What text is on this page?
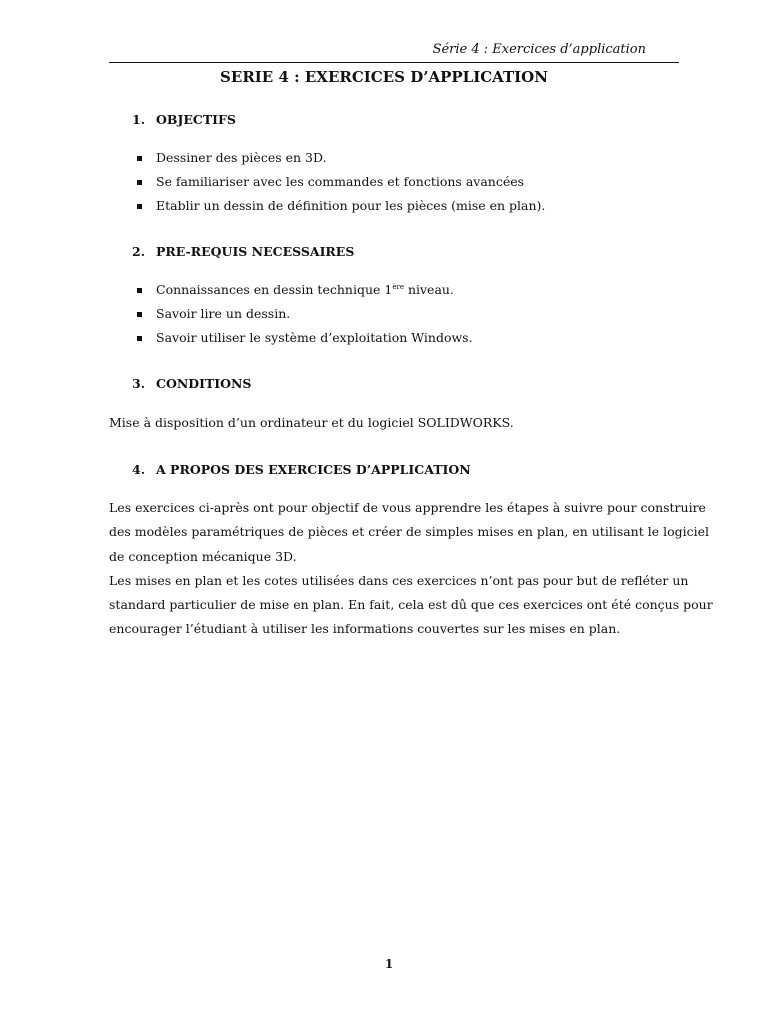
Série 4 : Exercices d’application

SERIE 4 : EXERCICES D’APPLICATION
1. OBJECTIFS
Dessiner des pièces en 3D.
Se familiariser avec les commandes et fonctions avancées
Etablir un dessin de définition pour les pièces (mise en plan).
2. PRE-REQUIS NECESSAIRES
Connaissances en dessin technique 1ère niveau.
Savoir lire un dessin.
Savoir utiliser le système d’exploitation Windows.
3. CONDITIONS

Mise à disposition d’un ordinateur et du logiciel SOLIDWORKS.

4. A PROPOS DES EXERCICES D’APPLICATION
Les exercices ci-après ont pour objectif de vous apprendre les étapes à suivre pour construire
des modèles paramétriques de pièces et créer de simples mises en plan, en utilisant le logiciel
de conception mécanique 3D.
Les mises en plan et les cotes utilisées dans ces exercices n’ont pas pour but de refléter un
standard particulier de mise en plan. En fait, cela est dû que ces exercices ont été conçus pour
encourager l’étudiant à utiliser les informations couvertes sur les mises en plan.

1
